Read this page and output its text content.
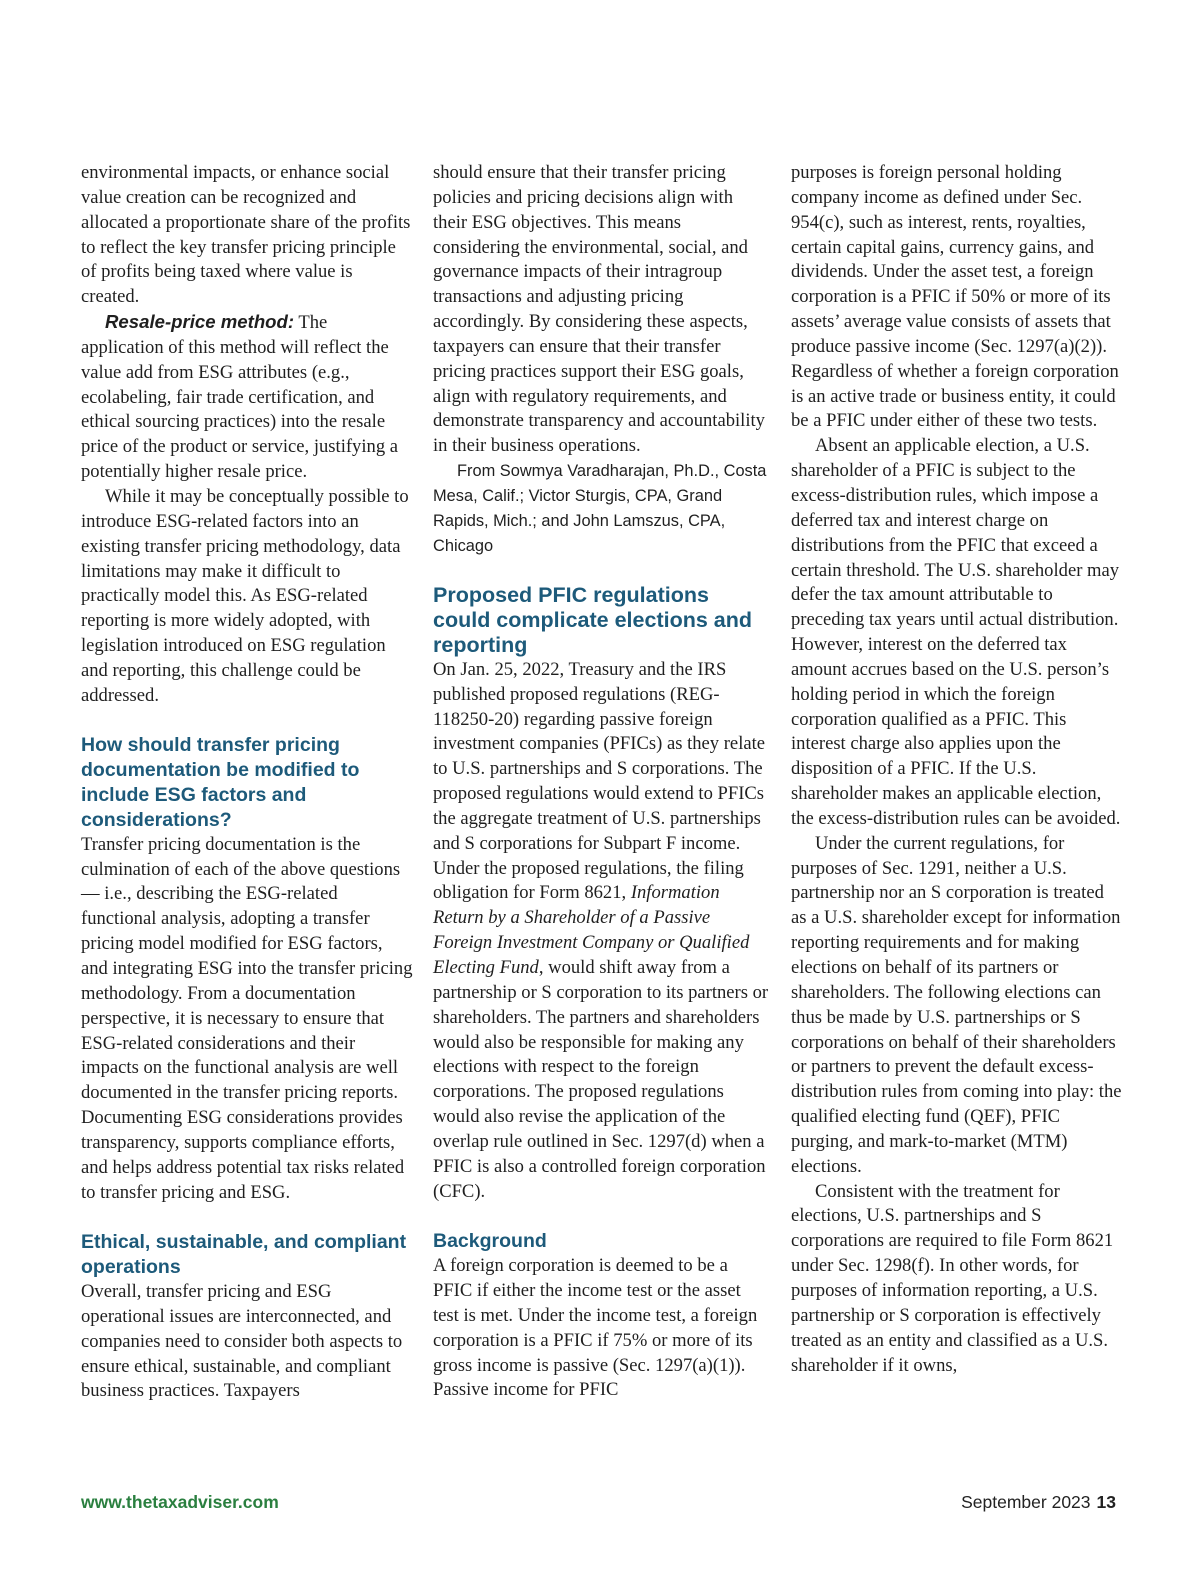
environmental impacts, or enhance social value creation can be recognized and allocated a proportionate share of the profits to reflect the key transfer pricing principle of profits being taxed where value is created.

Resale-price method: The application of this method will reflect the value add from ESG attributes (e.g., ecolabeling, fair trade certification, and ethical sourcing practices) into the resale price of the product or service, justifying a potentially higher resale price.

While it may be conceptually possible to introduce ESG-related factors into an existing transfer pricing methodology, data limitations may make it difficult to practically model this. As ESG-related reporting is more widely adopted, with legislation introduced on ESG regulation and reporting, this challenge could be addressed.

How should transfer pricing documentation be modified to include ESG factors and considerations?

Transfer pricing documentation is the culmination of each of the above questions — i.e., describing the ESG-related functional analysis, adopting a transfer pricing model modified for ESG factors, and integrating ESG into the transfer pricing methodology. From a documentation perspective, it is necessary to ensure that ESG-related considerations and their impacts on the functional analysis are well documented in the transfer pricing reports. Documenting ESG considerations provides transparency, supports compliance efforts, and helps address potential tax risks related to transfer pricing and ESG.

Ethical, sustainable, and compliant operations

Overall, transfer pricing and ESG operational issues are interconnected, and companies need to consider both aspects to ensure ethical, sustainable, and compliant business practices. Taxpayers

should ensure that their transfer pricing policies and pricing decisions align with their ESG objectives. This means considering the environmental, social, and governance impacts of their intragroup transactions and adjusting pricing accordingly. By considering these aspects, taxpayers can ensure that their transfer pricing practices support their ESG goals, align with regulatory requirements, and demonstrate transparency and accountability in their business operations.

From Sowmya Varadharajan, Ph.D., Costa Mesa, Calif.; Victor Sturgis, CPA, Grand Rapids, Mich.; and John Lamszus, CPA, Chicago

Proposed PFIC regulations could complicate elections and reporting

On Jan. 25, 2022, Treasury and the IRS published proposed regulations (REG-118250-20) regarding passive foreign investment companies (PFICs) as they relate to U.S. partnerships and S corporations. The proposed regulations would extend to PFICs the aggregate treatment of U.S. partnerships and S corporations for Subpart F income. Under the proposed regulations, the filing obligation for Form 8621, Information Return by a Shareholder of a Passive Foreign Investment Company or Qualified Electing Fund, would shift away from a partnership or S corporation to its partners or shareholders. The partners and shareholders would also be responsible for making any elections with respect to the foreign corporations. The proposed regulations would also revise the application of the overlap rule outlined in Sec. 1297(d) when a PFIC is also a controlled foreign corporation (CFC).

Background

A foreign corporation is deemed to be a PFIC if either the income test or the asset test is met. Under the income test, a foreign corporation is a PFIC if 75% or more of its gross income is passive (Sec. 1297(a)(1)). Passive income for PFIC

purposes is foreign personal holding company income as defined under Sec. 954(c), such as interest, rents, royalties, certain capital gains, currency gains, and dividends. Under the asset test, a foreign corporation is a PFIC if 50% or more of its assets’ average value consists of assets that produce passive income (Sec. 1297(a)(2)). Regardless of whether a foreign corporation is an active trade or business entity, it could be a PFIC under either of these two tests.

Absent an applicable election, a U.S. shareholder of a PFIC is subject to the excess-distribution rules, which impose a deferred tax and interest charge on distributions from the PFIC that exceed a certain threshold. The U.S. shareholder may defer the tax amount attributable to preceding tax years until actual distribution. However, interest on the deferred tax amount accrues based on the U.S. person’s holding period in which the foreign corporation qualified as a PFIC. This interest charge also applies upon the disposition of a PFIC. If the U.S. shareholder makes an applicable election, the excess-distribution rules can be avoided.

Under the current regulations, for purposes of Sec. 1291, neither a U.S. partnership nor an S corporation is treated as a U.S. shareholder except for information reporting requirements and for making elections on behalf of its partners or shareholders. The following elections can thus be made by U.S. partnerships or S corporations on behalf of their shareholders or partners to prevent the default excess-distribution rules from coming into play: the qualified electing fund (QEF), PFIC purging, and mark-to-market (MTM) elections.

Consistent with the treatment for elections, U.S. partnerships and S corporations are required to file Form 8621 under Sec. 1298(f). In other words, for purposes of information reporting, a U.S. partnership or S corporation is effectively treated as an entity and classified as a U.S. shareholder if it owns,

www.thetaxadviser.com	September 2023 13
